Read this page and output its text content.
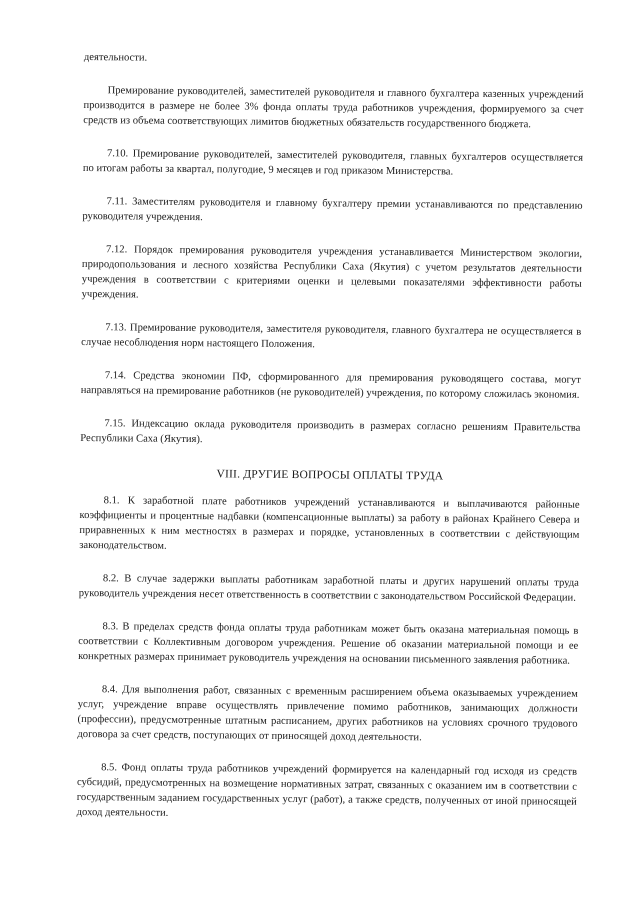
деятельности.

Премирование руководителей, заместителей руководителя и главного бухгалтера казенных учреждений производится в размере не более 3% фонда оплаты труда работников учреждения, формируемого за счет средств из объема соответствующих лимитов бюджетных обязательств государственного бюджета.

7.10. Премирование руководителей, заместителей руководителя, главных бухгалтеров осуществляется по итогам работы за квартал, полугодие, 9 месяцев и год приказом Министерства.

7.11. Заместителям руководителя и главному бухгалтеру премии устанавливаются по представлению руководителя учреждения.

7.12. Порядок премирования руководителя учреждения устанавливается Министерством экологии, природопользования и лесного хозяйства Республики Саха (Якутия) с учетом результатов деятельности учреждения в соответствии с критериями оценки и целевыми показателями эффективности работы учреждения.

7.13. Премирование руководителя, заместителя руководителя, главного бухгалтера не осуществляется в случае несоблюдения норм настоящего Положения.

7.14. Средства экономии ПФ, сформированного для премирования руководящего состава, могут направляться на премирование работников (не руководителей) учреждения, по которому сложилась экономия.

7.15. Индексацию оклада руководителя производить в размерах согласно решениям Правительства Республики Саха (Якутия).

VIII. ДРУГИЕ ВОПРОСЫ ОПЛАТЫ ТРУДА

8.1. К заработной плате работников учреждений устанавливаются и выплачиваются районные коэффициенты и процентные надбавки (компенсационные выплаты) за работу в районах Крайнего Севера и приравненных к ним местностях в размерах и порядке, установленных в соответствии с действующим законодательством.

8.2. В случае задержки выплаты работникам заработной платы и других нарушений оплаты труда руководитель учреждения несет ответственность в соответствии с законодательством Российской Федерации.

8.3. В пределах средств фонда оплаты труда работникам может быть оказана материальная помощь в соответствии с Коллективным договором учреждения. Решение об оказании материальной помощи и ее конкретных размерах принимает руководитель учреждения на основании письменного заявления работника.

8.4. Для выполнения работ, связанных с временным расширением объема оказываемых учреждением услуг, учреждение вправе осуществлять привлечение помимо работников, занимающих должности (профессии), предусмотренные штатным расписанием, других работников на условиях срочного трудового договора за счет средств, поступающих от приносящей доход деятельности.

8.5. Фонд оплаты труда работников учреждений формируется на календарный год исходя из средств субсидий, предусмотренных на возмещение нормативных затрат, связанных с оказанием им в соответствии с государственным заданием государственных услуг (работ), а также средств, полученных от иной приносящей доход деятельности.
